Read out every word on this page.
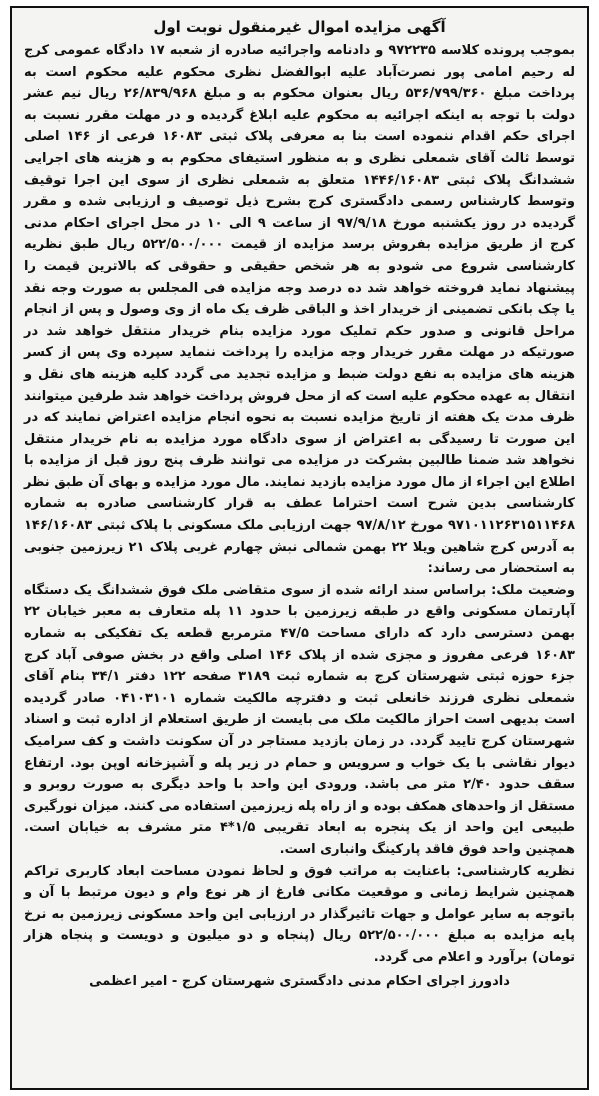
آگهی مزایده اموال غیرمنقول نوبت اول

بموجب پرونده کلاسه ۹۷۲۲۳۵ و دادنامه واجرائیه صادره از شعبه ۱۷ دادگاه عمومی کرج له رحیم امامی پور نصرت‌آباد علیه ابوالفضل نظری محکوم علیه محکوم است به پرداخت مبلغ ۵۳۶/۷۹۹/۳۶۰ ریال بعنوان محکوم به و مبلغ ۲۶/۸۳۹/۹۶۸ ریال نیم عشر دولت با توجه به اینکه اجرائیه به محکوم علیه ابلاغ گردیده و در مهلت مقرر نسبت به اجرای حکم اقدام ننموده است بنا به معرفی پلاک ثبتی ۱۶۰۸۳ فرعی از ۱۴۶ اصلی توسط ثالث آقای شمعلی نظری و به منظور استیفای محکوم به و هزینه های اجرایی ششدانگ پلاک ثبتی ۱۴۴۶/۱۶۰۸۳ متعلق به شمعلی نظری از سوی این اجرا توقیف وتوسط کارشناس رسمی دادگستری کرج بشرح ذیل توصیف و ارزیابی شده و مقرر گردیده در روز یکشنبه مورخ ۹۷/۹/۱۸ از ساعت ۹ الی ۱۰ در محل اجرای احکام مدنی کرج از طریق مزایده بفروش برسد مزایده از قیمت ۵۲۲/۵۰۰/۰۰۰ ریال طبق نظریه کارشناسی شروع می شودو به هر شخص حقیقی و حقوقی که بالاترین قیمت را پیشنهاد نماید فروخته خواهد شد ده درصد وجه مزایده فی المجلس به صورت وجه نقد یا چک بانکی تضمینی از خریدار اخذ و الباقی ظرف یک ماه از وی وصول و پس از انجام مراحل قانونی و صدور حکم تملیک مورد مزایده بنام خریدار منتقل خواهد شد در صورتیکه در مهلت مقرر خریدار وجه مزایده را پرداخت ننماید سپرده وی پس از کسر هزینه های مزایده به نفع دولت ضبط و مزایده تجدید می گردد کلیه هزینه های نقل و انتقال به عهده محکوم علیه است که از محل فروش پرداخت خواهد شد طرفین میتوانند ظرف مدت یک هفته از تاریخ مزایده نسبت به نحوه انجام مزایده اعتراض نمایند که در این صورت تا رسیدگی به اعتراض از سوی دادگاه مورد مزایده به نام خریدار منتقل نخواهد شد ضمنا طالبین بشرکت در مزایده می توانند ظرف پنج روز قبل از مزایده با اطلاع این اجراء از مال مورد مزایده بازدید نمایند. مال مورد مزایده و بهای آن طبق نظر کارشناسی بدین شرح است احتراما عطف به قرار کارشناسی صادره به شماره ۹۷۱۰۱۱۲۶۳۱۵۱۱۴۶۸ مورخ ۹۷/۸/۱۲ جهت ارزیابی ملک مسکونی با پلاک ثبتی ۱۴۶/۱۶۰۸۳ به آدرس کرج شاهین ویلا ۲۲ بهمن شمالی نبش چهارم غربی پلاک ۲۱ زیرزمین جنوبی به استحضار می رساند:

وضعیت ملک: براساس سند ارائه شده از سوی متقاضی ملک فوق ششدانگ یک دستگاه آپارتمان مسکونی واقع در طبقه زیرزمین با حدود ۱۱ پله متعارف به معبر خیابان ۲۲ بهمن دسترسی دارد که دارای مساحت ۴۷/۵ مترمربع قطعه یک تفکیکی به شماره ۱۶۰۸۳ فرعی مفروز و مجزی شده از پلاک ۱۴۶ اصلی واقع در بخش صوفی آباد کرج جزء حوزه ثبتی شهرستان کرج به شماره ثبت ۳۱۸۹ صفحه ۱۲۲ دفتر ۳۴/۱ بنام آقای شمعلی نظری فرزند خانعلی ثبت و دفترچه مالکیت شماره ۰۴۱۰۳۱۰۱ صادر گردیده است بدیهی است احراز مالکیت ملک می بایست از طریق استعلام از اداره ثبت و اسناد شهرستان کرج تایید گردد. در زمان بازدید مستاجر در آن سکونت داشت و کف سرامیک دیوار نقاشی با یک خواب و سرویس و حمام در زیر پله و آشپزخانه اوپن بود. ارتفاع سقف حدود ۲/۴۰ متر می باشد. ورودی این واحد با واحد دیگری به صورت روبرو و مستقل از واحدهای همکف بوده و از راه پله زیرزمین استفاده می کنند. میزان نورگیری طبیعی این واحد از یک پنجره به ابعاد تقریبی ۱/۵*۴ متر مشرف به خیابان است. همچنین واحد فوق فاقد پارکینگ وانباری است.

نظریه کارشناسی: باعنایت به مراتب فوق و لحاظ نمودن مساحت ابعاد کاربری تراکم همچنین شرایط زمانی و موقعیت مکانی فارغ از هر نوع وام و دیون مرتبط با آن و باتوجه به سایر عوامل و جهات تاثیرگذار در ارزیابی این واحد مسکونی زیرزمین به نرخ پایه مزایده به مبلغ ۵۲۲/۵۰۰/۰۰۰ ریال (پنجاه و دو میلیون و دویست و پنجاه هزار تومان) برآورد و اعلام می گردد.

دادورز اجرای احکام مدنی دادگستری شهرستان کرج - امیر اعظمی
